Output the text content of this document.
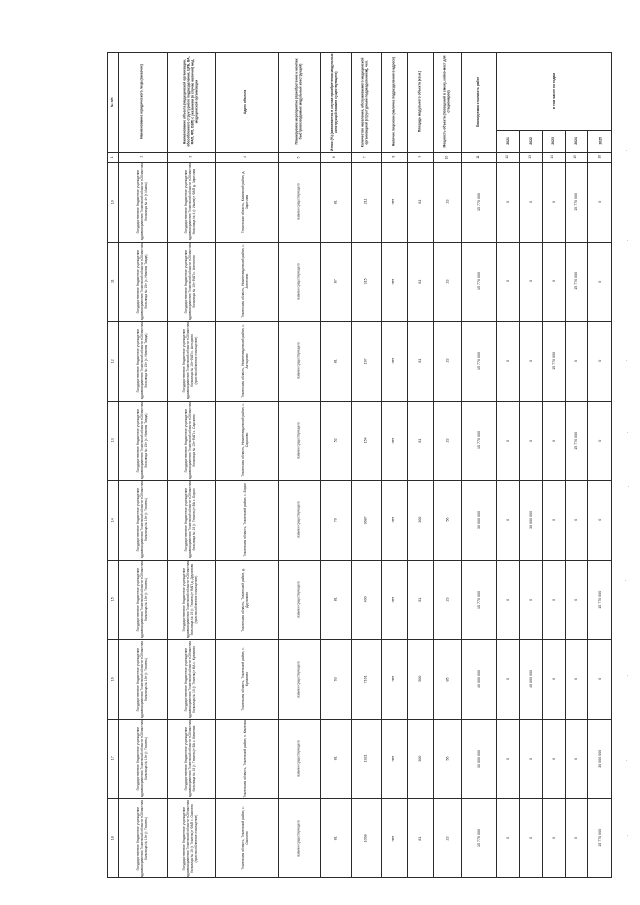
№ п/п	Наименование юридического лица (заказчик)	Наименование объекта (медицинской организации, обособленного структурного подразделения, ЦРБ, ВА, ФАП, ФП, ОВП) с указанием (в случае наличия) мед. медицинской организации	Адрес объекта	Планируемое мероприятие (приобретение и монтаж быстровозводимых модульных конструкций)	Износ (%) (заполняется в случае приобретения модульных конструкций взамен существующего)	Количество населения, обслуживаемого медицинской организацией (структурным подразделением), чел.	Наличие лицензии (наличие подразделения в адресе)	Площадь модульного объекта (кв.м.)	Мощность объекта (посещений в смену, койко-мест для стационаров)	Планируемая стоимость работ	в том числе по годам
2021	2022	2023	2024	2025
1	2	3	4	5	6	7	8	9	10	11	12	13	14	15	16
10	Государственное бюджетное учреждение здравоохранения Тюменской области «Областная больница № 4» (г. Ишим)	Государственное бюджетное учреждение здравоохранения Тюменской области «Областная больница № 4 (г. Ишим)» ФАП д. Заречная	Тюменская область, Казанский район, д. Заречная	взамен существующего	81	211	нет	81	23	15 770 000	0	0	0	15 770 000	0
11	Государственное бюджетное учреждение здравоохранения Тюменской области «Областная больница № 15» (с. Нижняя Тавда)	Государственное бюджетное учреждение здравоохранения Тюменской области «Областная больница № 15» ФАП с. Антипино	Тюменская область, Нижнетавдинский район, с. Антипино	взамен существующего	87	315	нет	81	23	15 770 000	0	0	0	15 770 000	0
12	Государственное бюджетное учреждение здравоохранения Тюменской области «Областная больница № 15» (с. Нижняя Тавда)	Государственное бюджетное учреждение здравоохранения Тюменской области «Областная больница № 15» ФАП с. Ахтырово (приспособленное помещение)	Тюменская область, Нижнетавдинский район, с. Ахтырово	взамен существующего	81	197	нет	81	23	15 770 000	0	0	15 770 000	0	0
13	Государственное бюджетное учреждение здравоохранения Тюменской области «Областная больница № 15» (с. Нижняя Тавда)	Государственное бюджетное учреждение здравоохранения Тюменской области «Областная больница № 15» ФАП с. Сарсково	Тюменская область, Нижнетавдинский район, с. Сарсково	взамен существующего	52	154	нет	81	23	15 770 000	0	0	0	15 770 000	0
14	Государственное бюджетное учреждение здравоохранения Тюменской области «Областная больница № 19» (г. Тюмень)	Государственное бюджетное учреждение здравоохранения Тюменской области «Областная больница № 19 (г. Тюмень)» ВА с. Борки	Тюменская область, Тюменский район, с. Борки	взамен существующего	70	3687	нет	300	56	30 000 000	0	30 000 000	0	0	0
15	Государственное бюджетное учреждение здравоохранения Тюменской области «Областная больница № 19» (г. Тюмень)	Государственное бюджетное учреждение здравоохранения Тюменской области «Областная больница № 19 (г. Тюмень)» ФАП д. Друганово (приспособленное помещение)	Тюменская область, Тюменский район, д. Друганово	взамен существующего	81	400	нет	81	23	15 770 000	0	0	0	0	15 770 000
16	Государственное бюджетное учреждение здравоохранения Тюменской области «Областная больница № 19» (г. Тюмень)	Государственное бюджетное учреждение здравоохранения Тюменской области «Областная больница № 19 (г. Тюмень)» ВА с. Кулаково	Тюменская область, Тюменский район, с. Кулаково	взамен существующего	63	7161	нет	500	85	40 000 000	0	40 000 000	0	0	0
17	Государственное бюджетное учреждение здравоохранения Тюменской области «Областная больница № 19» (г. Тюмень)	Государственное бюджетное учреждение здравоохранения Тюменской области «Областная больница № 19 (г. Тюмень)» ВА с. Каменка	Тюменская область, Тюменский район, п. Каменка	взамен существующего	81	1921	нет	300	56	30 000 000	0	0	0	0	30 000 000
18	Государственное бюджетное учреждение здравоохранения Тюменской области «Областная больница № 19» (г. Тюмень)	Государственное бюджетное учреждение здравоохранения Тюменской области «Областная больница № 19 (г. Тюмень)» ФАП с. Ожогино (приспособленное помещение)	Тюменская область, Тюменский район, с. Ожогино	взамен существующего	81	1038	нет	81	23	15 770 000	0	0	0	0	15 770 000
